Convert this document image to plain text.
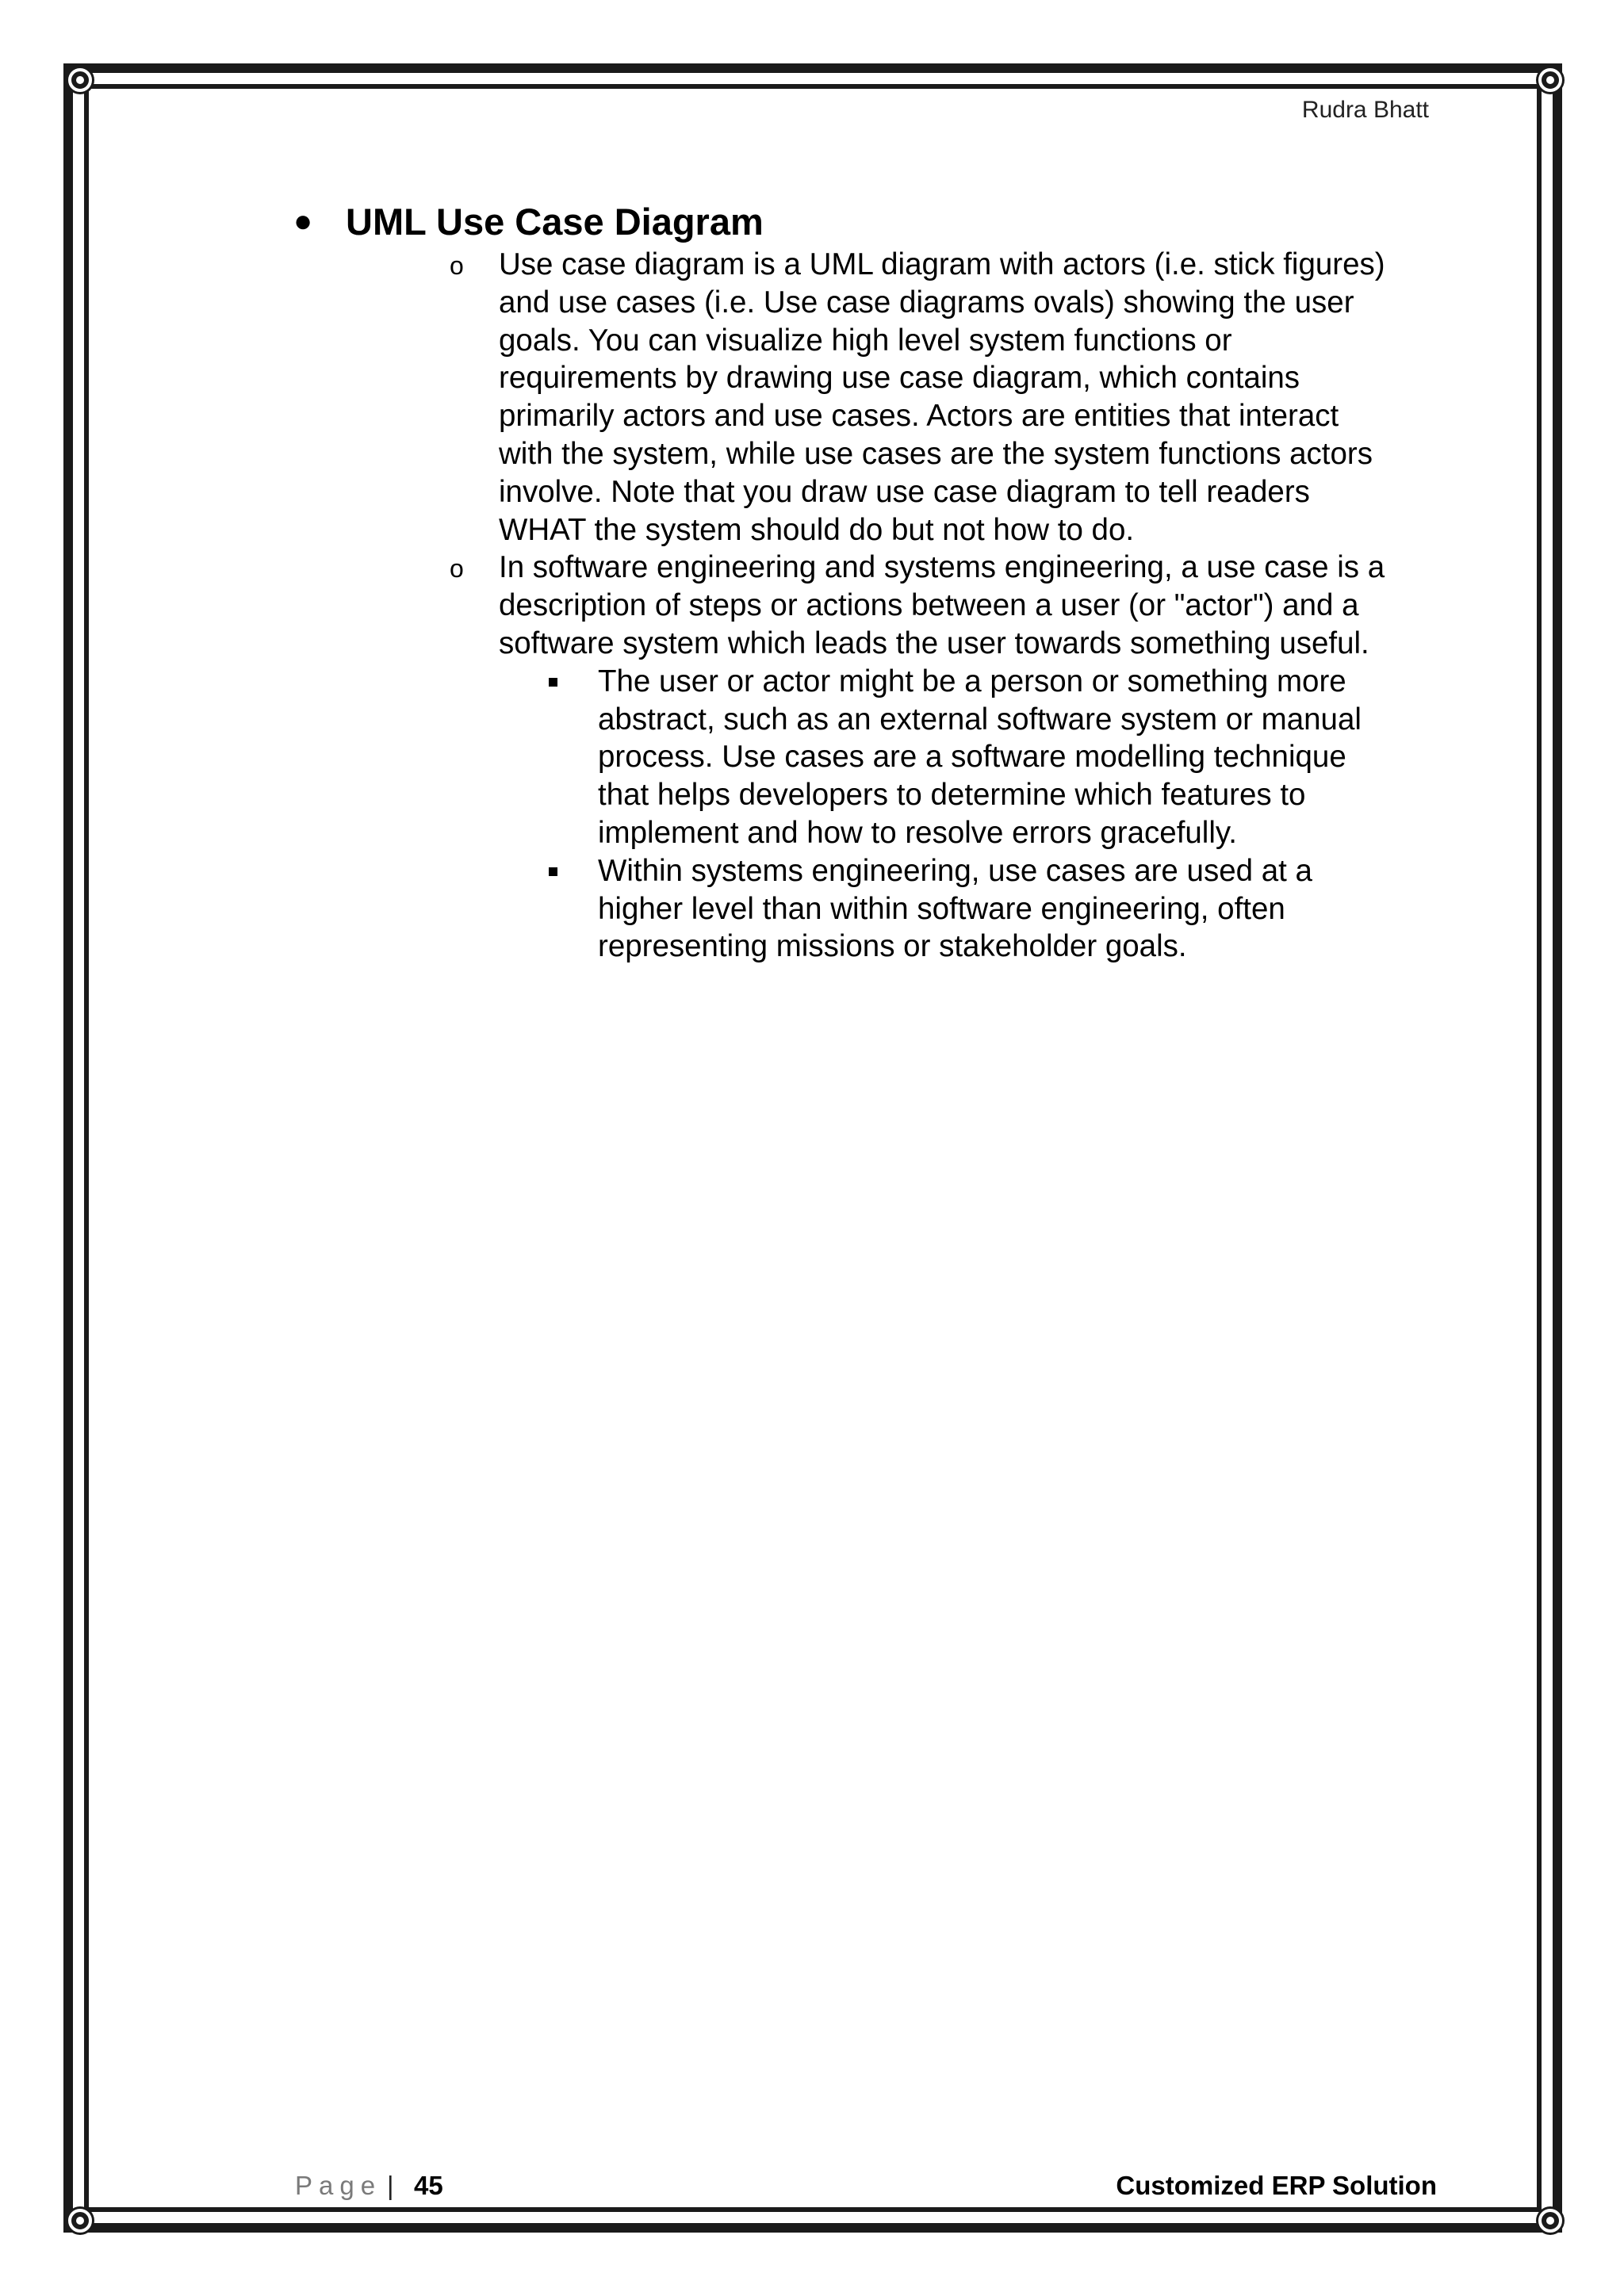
Rudra Bhatt
● UML Use Case Diagram
o	Use case diagram is a UML diagram with actors (i.e. stick figures) and use cases (i.e. Use case diagrams ovals) showing the user goals. You can visualize high level system functions or requirements by drawing use case diagram, which contains primarily actors and use cases. Actors are entities that interact with the system, while use cases are the system functions actors involve. Note that you draw use case diagram to tell readers WHAT the system should do but not how to do.
o	In software engineering and systems engineering, a use case is a description of steps or actions between a user (or "actor") and a software system which leads the user towards something useful.
The user or actor might be a person or something more abstract, such as an external software system or manual process. Use cases are a software modelling technique that helps developers to determine which features to implement and how to resolve errors gracefully.
Within systems engineering, use cases are used at a higher level than within software engineering, often representing missions or stakeholder goals.
Page | 45	Customized ERP Solution
